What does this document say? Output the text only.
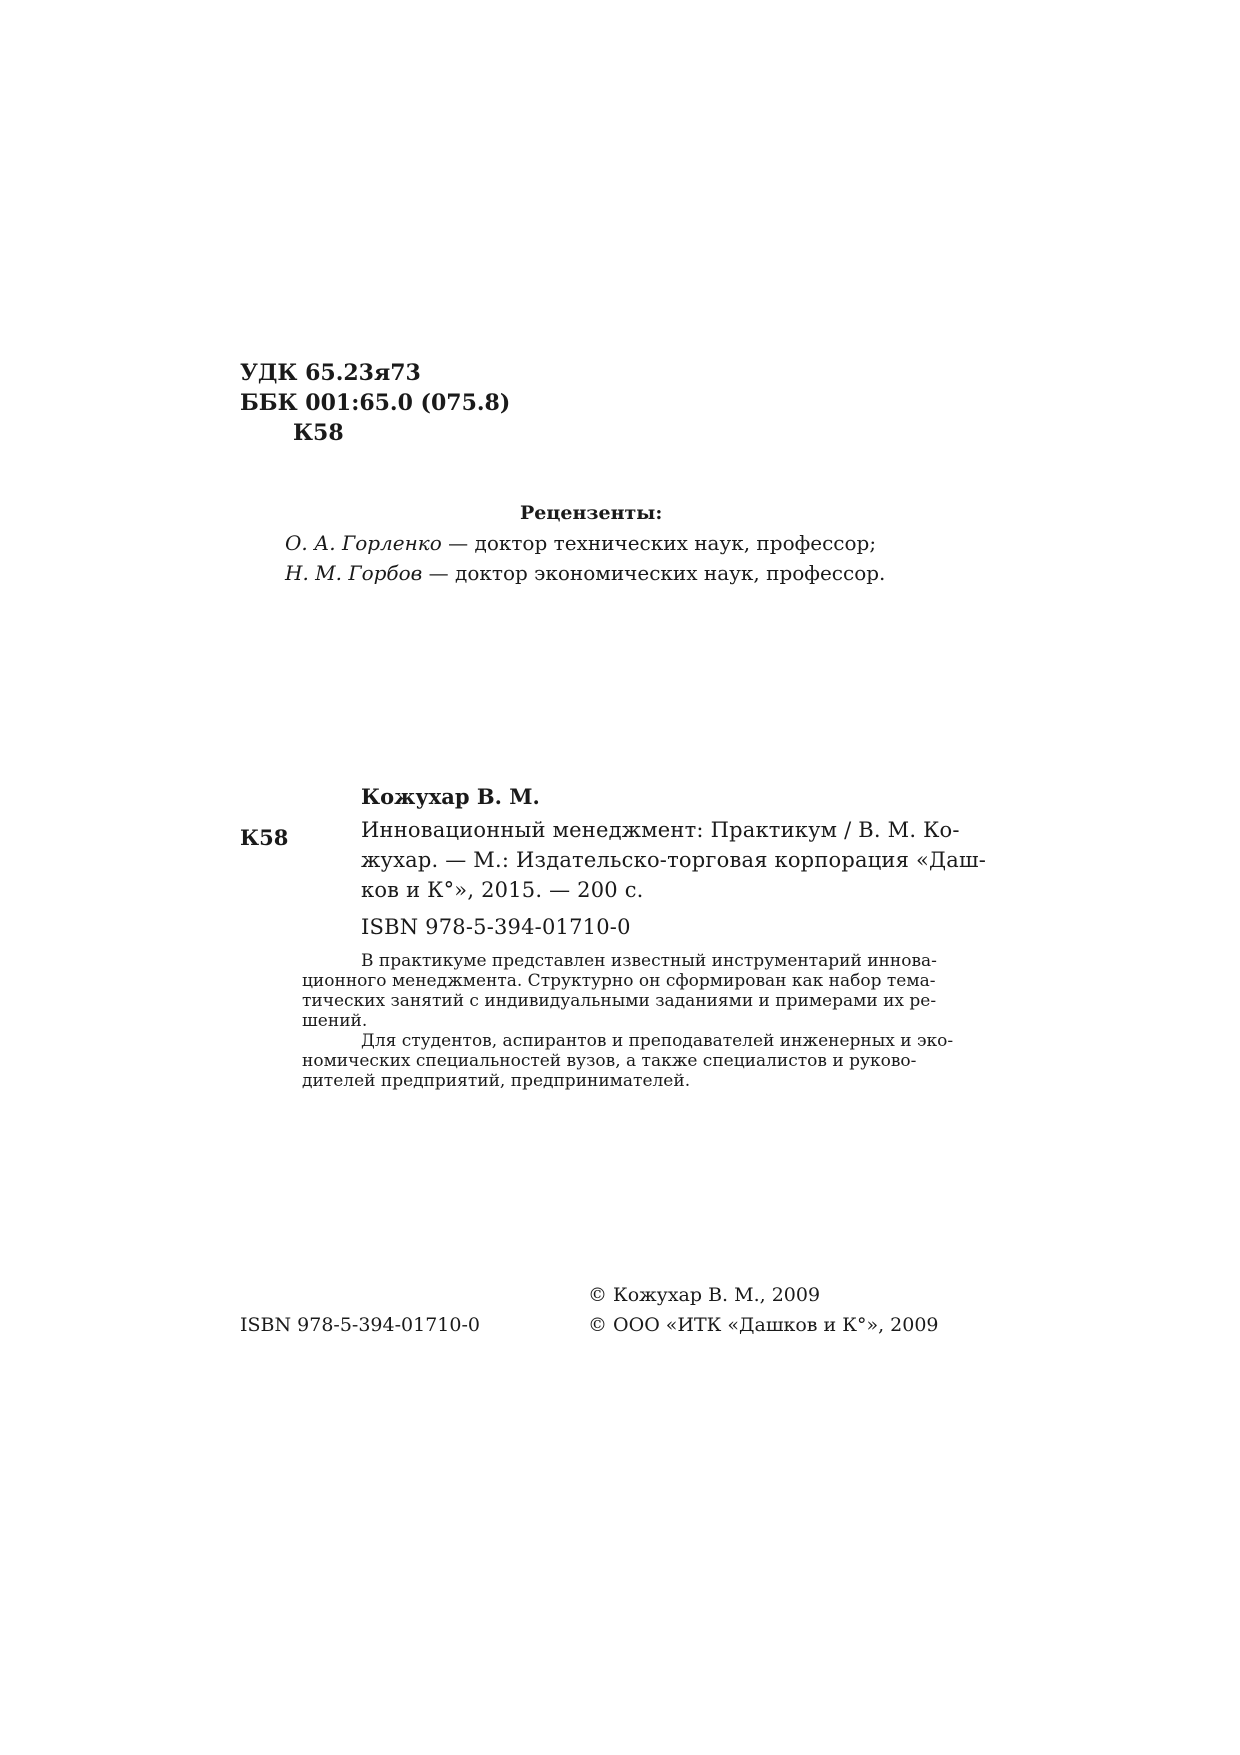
УДК 65.23я73
ББК 001:65.0 (075.8)
К58
Рецензенты:
О. А. Горленко — доктор технических наук, профессор;
Н. М. Горбов — доктор экономических наук, профессор.
Кожухар В. М.
К58	Инновационный менеджмент: Практикум / В. М. Ко-
жухар. — М.: Издательско-торговая корпорация «Даш-
ков и К°», 2015. — 200 с.
ISBN 978-5-394-01710-0
В практикуме представлен известный инструментарий иннова-
ционного менеджмента. Структурно он сформирован как набор тема-
тических занятий с индивидуальными заданиями и примерами их ре-
шений.
Для студентов, аспирантов и преподавателей инженерных и эко-
номических специальностей вузов, а также специалистов и руково-
дителей предприятий, предпринимателей.
ISBN 978-5-394-01710-0
© Кожухар В. М., 2009
© ООО «ИТК «Дашков и К°», 2009
